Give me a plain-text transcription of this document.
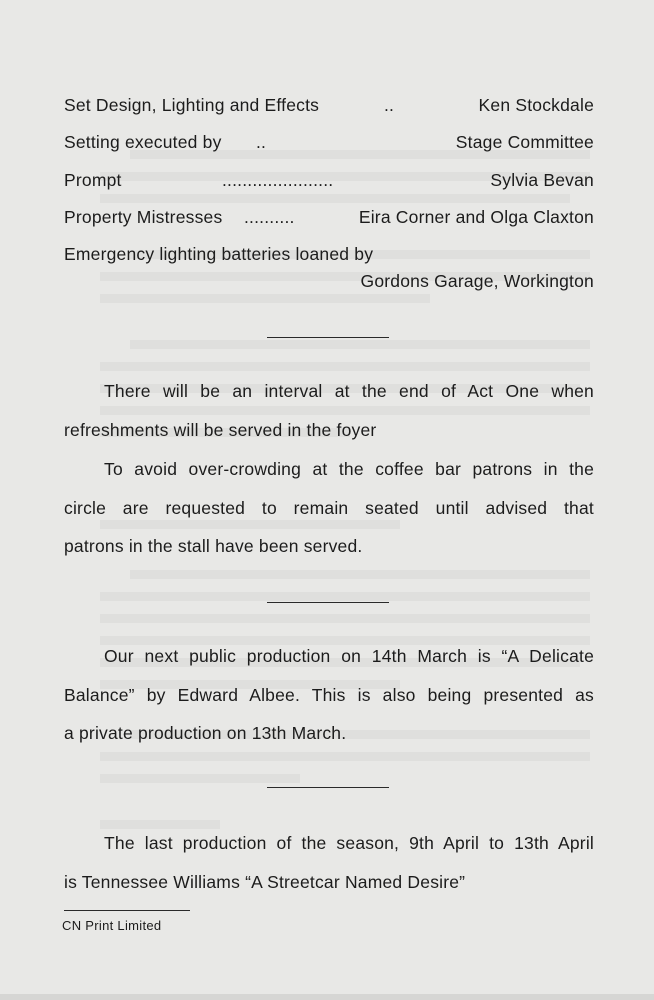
Set Design, Lighting and Effects	..	Ken Stockdale
Setting executed by ..	Stage Committee
Prompt	......................	Sylvia Bevan
Property Mistresses ..........	Eira Corner and Olga Claxton
Emergency lighting batteries loaned by
Gordons Garage, Workington
There will be an interval at the end of Act One when
refreshments will be served in the foyer
To avoid over-crowding at the coffee bar patrons in the
circle are requested to remain seated until advised that
patrons in the stall have been served.
Our next public production on 14th March is “A Delicate
Balance” by Edward Albee. This is also being presented as
a private production on 13th March.
The last production of the season, 9th April to 13th April
is Tennessee Williams “A Streetcar Named Desire”
CN Print Limited
